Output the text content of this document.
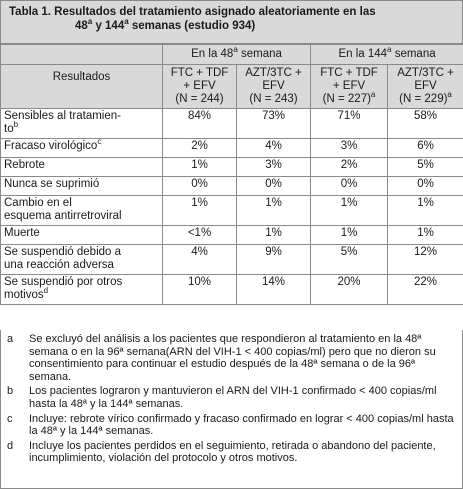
Tabla 1. Resultados del tratamiento asignado aleatoriamente en las
48$^a$ y 144$^a$ semanas (estudio 934)
	En la 48$^a$ semana		En la 144$^a$ semana	
Resultados	FTC + TDF
+ EFV
(N = 244)	AZT/3TC +
EFV
(N = 243)	FTC + TDF
+ EFV
(N = 227)$^a$	AZT/3TC +
EFV
(N = 229)$^a$
Sensibles al tratamien-
$to^b$	84%	73%	71%	58%
Fracaso virológico$^c$	2%	4%	3%	6%
Rebrote	1%	3%	2%	5%
Nunca se suprimió	0%	0%	0%	0%
Cambio en el
esquema antirretroviral	1%	1%	1%	1%
Muerte	<1%	1%	1%	1%
Se suspendió debido a
una reacción adversa	4%	9%	5%	12%
Se suspendió por otros
motivos$^d$	10%	14%	20%	22%
a	Se excluyó del análisis a los pacientes que respondieron al tratamiento en la 48ª semana o en la 96ª semana(ARN del VIH-1 < 400 copias/ml) pero que no dieron su consentimiento para continuar el estudio después de la 48ª semana o de la 96ª semana.
b	Los pacientes lograron y mantuvieron el ARN del VIH-1 confirmado < 400 copias/ml hasta la 48ª y la 144ª semanas.
c	Incluye: rebrote vírico confirmado y fracaso confirmado en lograr < 400 copias/ml hasta la 48ª y la 144ª semanas.
d	Incluye los pacientes perdidos en el seguimiento, retirada o abandono del paciente, incumplimiento, violación del protocolo y otros motivos.
